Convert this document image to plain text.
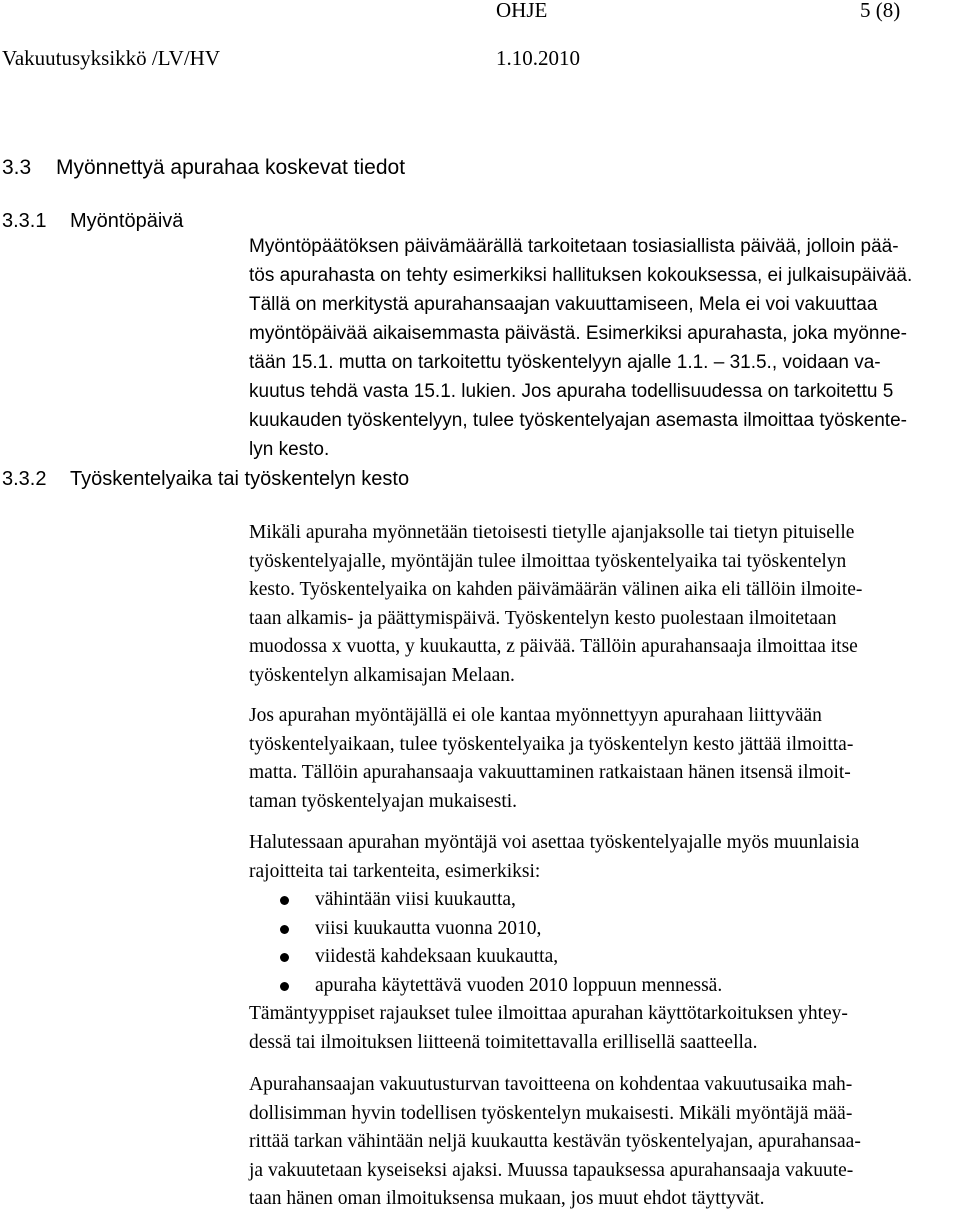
OHJE	5 (8)
Vakuutusyksikkö /LV/HV	1.10.2010
3.3 Myönnettyä apurahaa koskevat tiedot
3.3.1 Myöntöpäivä

Myöntöpäätöksen päivämäärällä tarkoitetaan tosiasiallista päivää, jolloin pää-
tös apurahasta on tehty esimerkiksi hallituksen kokouksessa, ei julkaisupäivää.
Tällä on merkitystä apurahansaajan vakuuttamiseen, Mela ei voi vakuuttaa
myöntöpäivää aikaisemmasta päivästä. Esimerkiksi apurahasta, joka myönne-
tään 15.1. mutta on tarkoitettu työskentelyyn ajalle 1.1. – 31.5., voidaan va-
kuutus tehdä vasta 15.1. lukien. Jos apuraha todellisuudessa on tarkoitettu 5
kuukauden työskentelyyn, tulee työskentelyajan asemasta ilmoittaa työskente-
lyn kesto.

3.3.2 Työskentelyaika tai työskentelyn kesto

Mikäli apuraha myönnetään tietoisesti tietylle ajanjaksolle tai tietyn pituiselle
työskentelyajalle, myöntäjän tulee ilmoittaa työskentelyaika tai työskentelyn
kesto. Työskentelyaika on kahden päivämäärän välinen aika eli tällöin ilmoite-
taan alkamis- ja päättymispäivä. Työskentelyn kesto puolestaan ilmoitetaan
muodossa x vuotta, y kuukautta, z päivää. Tällöin apurahansaaja ilmoittaa itse
työskentelyn alkamisajan Melaan.

Jos apurahan myöntäjällä ei ole kantaa myönnettyyn apurahaan liittyvään
työskentelyaikaan, tulee työskentelyaika ja työskentelyn kesto jättää ilmoitta-
matta. Tällöin apurahansaaja vakuuttaminen ratkaistaan hänen itsensä ilmoit-
taman työskentelyajan mukaisesti.

Halutessaan apurahan myöntäjä voi asettaa työskentelyajalle myös muunlaisia
rajoitteita tai tarkenteita, esimerkiksi:

vähintään viisi kuukautta,
viisi kuukautta vuonna 2010,
viidestä kahdeksaan kuukautta,
apuraha käytettävä vuoden 2010 loppuun mennessä.

Tämäntyyppiset rajaukset tulee ilmoittaa apurahan käyttötarkoituksen yhtey-
dessä tai ilmoituksen liitteenä toimitettavalla erillisellä saatteella.

Apurahansaajan vakuutusturvan tavoitteena on kohdentaa vakuutusaika mah-
dollisimman hyvin todellisen työskentelyn mukaisesti. Mikäli myöntäjä mää-
rittää tarkan vähintään neljä kuukautta kestävän työskentelyajan, apurahansaa-
ja vakuutetaan kyseiseksi ajaksi. Muussa tapauksessa apurahansaaja vakuute-
taan hänen oman ilmoituksensa mukaan, jos muut ehdot täyttyvät.
